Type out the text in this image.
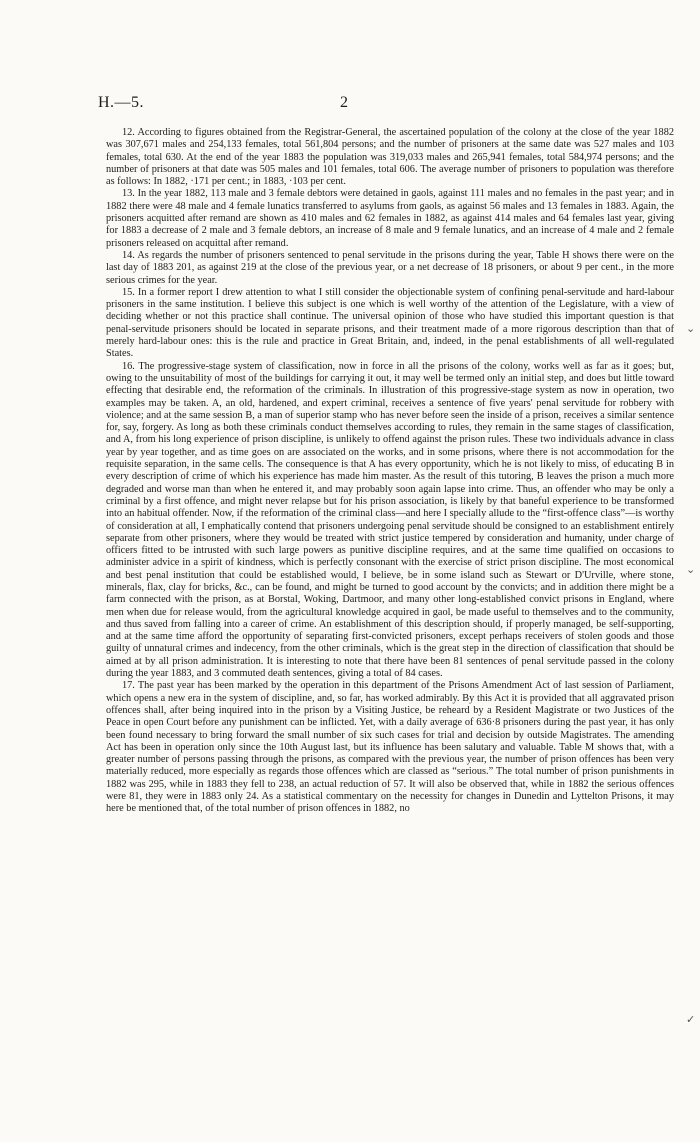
H.—5.	2

12. According to figures obtained from the Registrar-General, the ascertained population of the colony at the close of the year 1882 was 307,671 males and 254,133 females, total 561,804 persons; and the number of prisoners at the same date was 527 males and 103 females, total 630. At the end of the year 1883 the population was 319,033 males and 265,941 females, total 584,974 persons; and the number of prisoners at that date was 505 males and 101 females, total 606. The average number of prisoners to population was therefore as follows: In 1882, ·171 per cent.; in 1883, ·103 per cent.

13. In the year 1882, 113 male and 3 female debtors were detained in gaols, against 111 males and no females in the past year; and in 1882 there were 48 male and 4 female lunatics transferred to asylums from gaols, as against 56 males and 13 females in 1883. Again, the prisoners acquitted after remand are shown as 410 males and 62 females in 1882, as against 414 males and 64 females last year, giving for 1883 a decrease of 2 male and 3 female debtors, an increase of 8 male and 9 female lunatics, and an increase of 4 male and 2 female prisoners released on acquittal after remand.

14. As regards the number of prisoners sentenced to penal servitude in the prisons during the year, Table H shows there were on the last day of 1883 201, as against 219 at the close of the previous year, or a net decrease of 18 prisoners, or about 9 per cent., in the more serious crimes for the year.

15. In a former report I drew attention to what I still consider the objectionable system of confining penal-servitude and hard-labour prisoners in the same institution. I believe this subject is one which is well worthy of the attention of the Legislature, with a view of deciding whether or not this practice shall continue. The universal opinion of those who have studied this important question is that penal-servitude prisoners should be located in separate prisons, and their treatment made of a more rigorous description than that of merely hard-labour ones: this is the rule and practice in Great Britain, and, indeed, in the penal establishments of all well-regulated States.

16. The progressive-stage system of classification, now in force in all the prisons of the colony, works well as far as it goes; but, owing to the unsuitability of most of the buildings for carrying it out, it may well be termed only an initial step, and does but little toward effecting that desirable end, the reformation of the criminals. In illustration of this progressive-stage system as now in operation, two examples may be taken. A, an old, hardened, and expert criminal, receives a sentence of five years' penal servitude for robbery with violence; and at the same session B, a man of superior stamp who has never before seen the inside of a prison, receives a similar sentence for, say, forgery. As long as both these criminals conduct themselves according to rules, they remain in the same stages of classification, and A, from his long experience of prison discipline, is unlikely to offend against the prison rules. These two individuals advance in class year by year together, and as time goes on are associated on the works, and in some prisons, where there is not accommodation for the requisite separation, in the same cells. The consequence is that A has every opportunity, which he is not likely to miss, of educating B in every description of crime of which his experience has made him master. As the result of this tutoring, B leaves the prison a much more degraded and worse man than when he entered it, and may probably soon again lapse into crime. Thus, an offender who may be only a criminal by a first offence, and might never relapse but for his prison association, is likely by that baneful experience to be transformed into an habitual offender. Now, if the reformation of the criminal class—and here I specially allude to the “first-offence class”—is worthy of consideration at all, I emphatically contend that prisoners undergoing penal servitude should be consigned to an establishment entirely separate from other prisoners, where they would be treated with strict justice tempered by consideration and humanity, under charge of officers fitted to be intrusted with such large powers as punitive discipline requires, and at the same time qualified on occasions to administer advice in a spirit of kindness, which is perfectly consonant with the exercise of strict prison discipline. The most economical and best penal institution that could be established would, I believe, be in some island such as Stewart or D'Urville, where stone, minerals, flax, clay for bricks, &c., can be found, and might be turned to good account by the convicts; and in addition there might be a farm connected with the prison, as at Borstal, Woking, Dartmoor, and many other long-established convict prisons in England, where men when due for release would, from the agricultural knowledge acquired in gaol, be made useful to themselves and to the community, and thus saved from falling into a career of crime. An establishment of this description should, if properly managed, be self-supporting, and at the same time afford the opportunity of separating first-convicted prisoners, except perhaps receivers of stolen goods and those guilty of unnatural crimes and indecency, from the other criminals, which is the great step in the direction of classification that should be aimed at by all prison administration. It is interesting to note that there have been 81 sentences of penal servitude passed in the colony during the year 1883, and 3 commuted death sentences, giving a total of 84 cases.

17. The past year has been marked by the operation in this department of the Prisons Amendment Act of last session of Parliament, which opens a new era in the system of discipline, and, so far, has worked admirably. By this Act it is provided that all aggravated prison offences shall, after being inquired into in the prison by a Visiting Justice, be reheard by a Resident Magistrate or two Justices of the Peace in open Court before any punishment can be inflicted. Yet, with a daily average of 636·8 prisoners during the past year, it has only been found necessary to bring forward the small number of six such cases for trial and decision by outside Magistrates. The amending Act has been in operation only since the 10th August last, but its influence has been salutary and valuable. Table M shows that, with a greater number of persons passing through the prisons, as compared with the previous year, the number of prison offences has been very materially reduced, more especially as regards those offences which are classed as “serious.” The total number of prison punishments in 1882 was 295, while in 1883 they fell to 238, an actual reduction of 57. It will also be observed that, while in 1882 the serious offences were 81, they were in 1883 only 24. As a statistical commentary on the necessity for changes in Dunedin and Lyttelton Prisons, it may here be mentioned that, of the total number of prison offences in 1882, no

⌄
⌄
✓
